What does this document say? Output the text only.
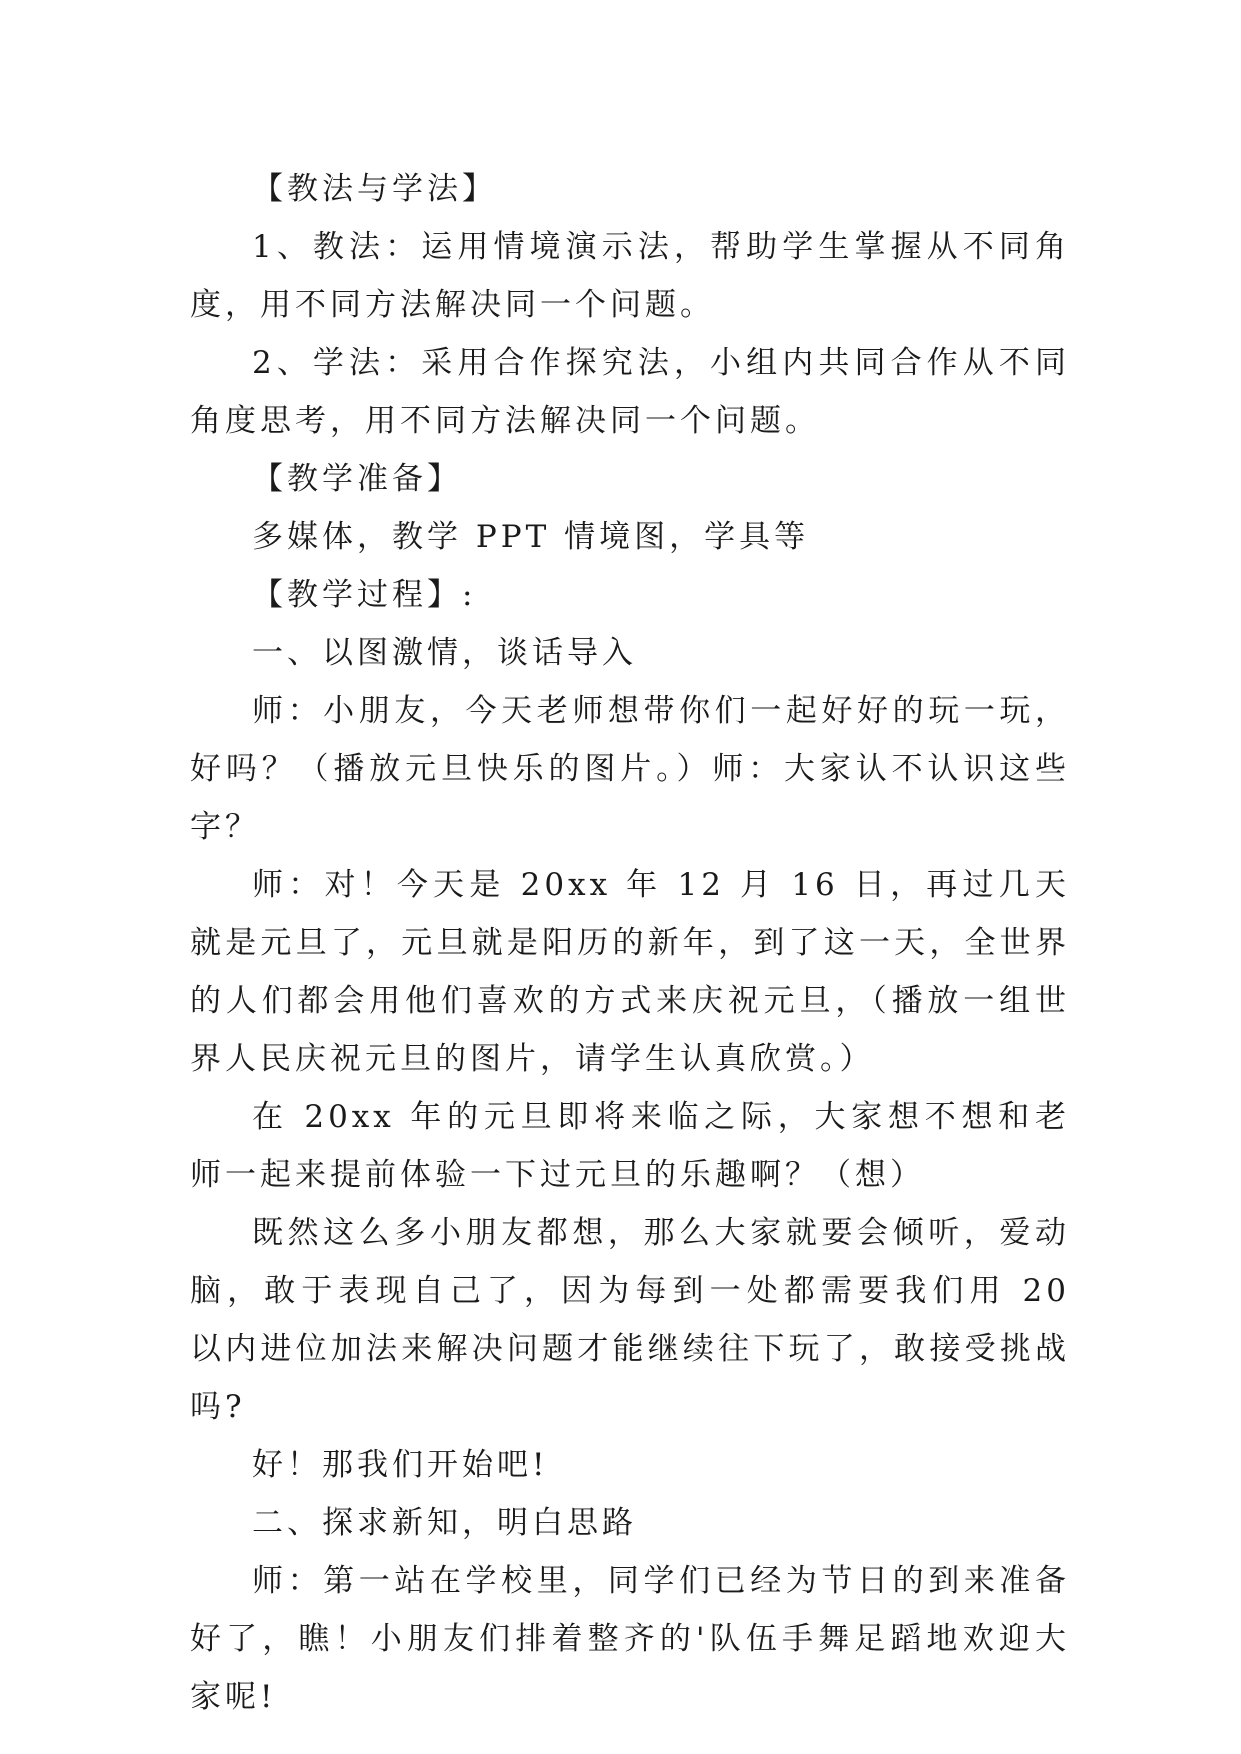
【教法与学法】

1、教法：运用情境演示法，帮助学生掌握从不同角度，用不同方法解决同一个问题。

2、学法：采用合作探究法，小组内共同合作从不同角度思考，用不同方法解决同一个问题。

【教学准备】

多媒体，教学 PPT 情境图，学具等

【教学过程】:

一、以图激情，谈话导入

师：小朋友，今天老师想带你们一起好好的玩一玩，好吗？（播放元旦快乐的图片。）师：大家认不认识这些字？

师：对！今天是 20xx 年 12 月 16 日，再过几天就是元旦了，元旦就是阳历的新年，到了这一天，全世界的人们都会用他们喜欢的方式来庆祝元旦，（播放一组世界人民庆祝元旦的图片，请学生认真欣赏。）

在 20xx 年的元旦即将来临之际，大家想不想和老师一起来提前体验一下过元旦的乐趣啊？（想）

既然这么多小朋友都想，那么大家就要会倾听，爱动脑，敢于表现自己了，因为每到一处都需要我们用 20 以内进位加法来解决问题才能继续往下玩了，敢接受挑战吗?

好！那我们开始吧!

二、探求新知，明白思路

师：第一站在学校里，同学们已经为节日的到来准备好了，瞧！小朋友们排着整齐的'队伍手舞足蹈地欢迎大家呢!
